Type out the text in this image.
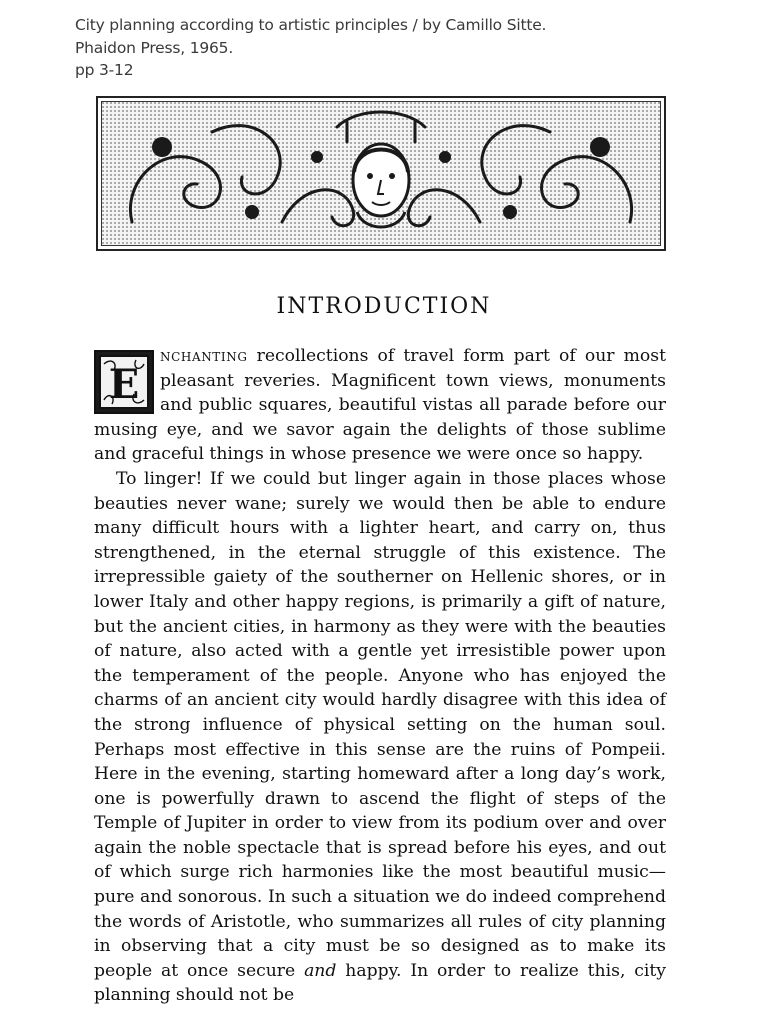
City planning according to artistic principles / by Camillo Sitte.
Phaidon Press, 1965.
pp 3-12
INTRODUCTION

E
nchanting recollections of travel form part of our most pleasant reveries. Magnificent town views, monuments and public squares, beautiful vistas all parade before our musing eye, and we savor again the delights of those sublime and graceful things in whose presence we were once so happy.

To linger! If we could but linger again in those places whose beauties never wane; surely we would then be able to endure many difficult hours with a lighter heart, and carry on, thus strengthened, in the eternal struggle of this existence. The irrepressible gaiety of the southerner on Hellenic shores, or in lower Italy and other happy regions, is primarily a gift of nature, but the ancient cities, in harmony as they were with the beauties of nature, also acted with a gentle yet irresistible power upon the temperament of the people. Anyone who has enjoyed the charms of an ancient city would hardly disagree with this idea of the strong influence of physical setting on the human soul. Perhaps most effective in this sense are the ruins of Pompeii. Here in the evening, starting homeward after a long day’s work, one is powerfully drawn to ascend the flight of steps of the Temple of Jupiter in order to view from its podium over and over again the noble spectacle that is spread before his eyes, and out of which surge rich harmonies like the most beautiful music—pure and sonorous. In such a situation we do indeed comprehend the words of Aristotle, who summarizes all rules of city planning in observing that a city must be so designed as to make its people at once secure and happy. In order to realize this, city planning should not be
